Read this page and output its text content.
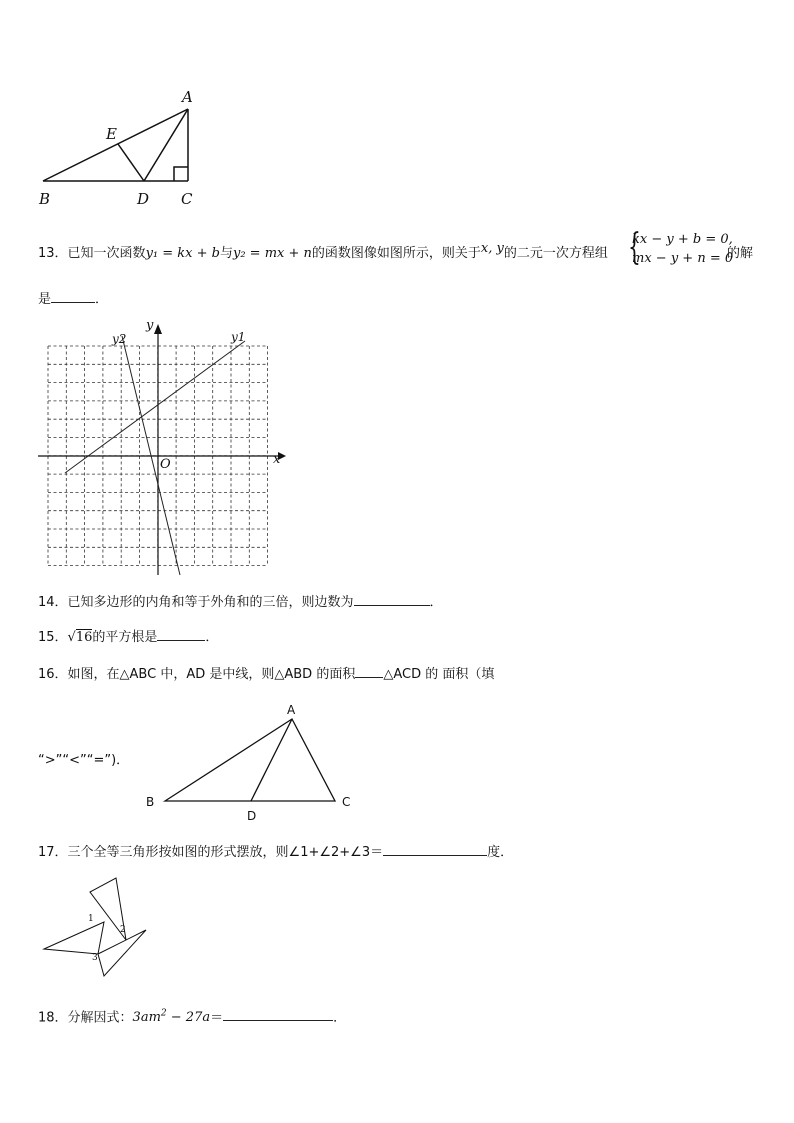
A
E
B	D C
13．已知一次函数y₁ = kx + b与y₂ = mx + n的函数图像如图所示，则关于x, y的二元一次方程组 {
kx − y + b = 0,
mx − y + n = 0
的解
是	．
y
x
O
y1
y2
14．已知多边形的内角和等于外角和的三倍，则边数为	．
15．√16的平方根是	．
16．如图，在△ABC 中，AD 是中线，则△ABD 的面积 △ACD 的 面积（填
“>”“<”“=”)．
A
B
D
C
17．三个全等三角形按如图的形式摆放，则∠1+∠2+∠3＝	度．
1
2
3
18．分解因式：$3am^2 - 27a=$	．
